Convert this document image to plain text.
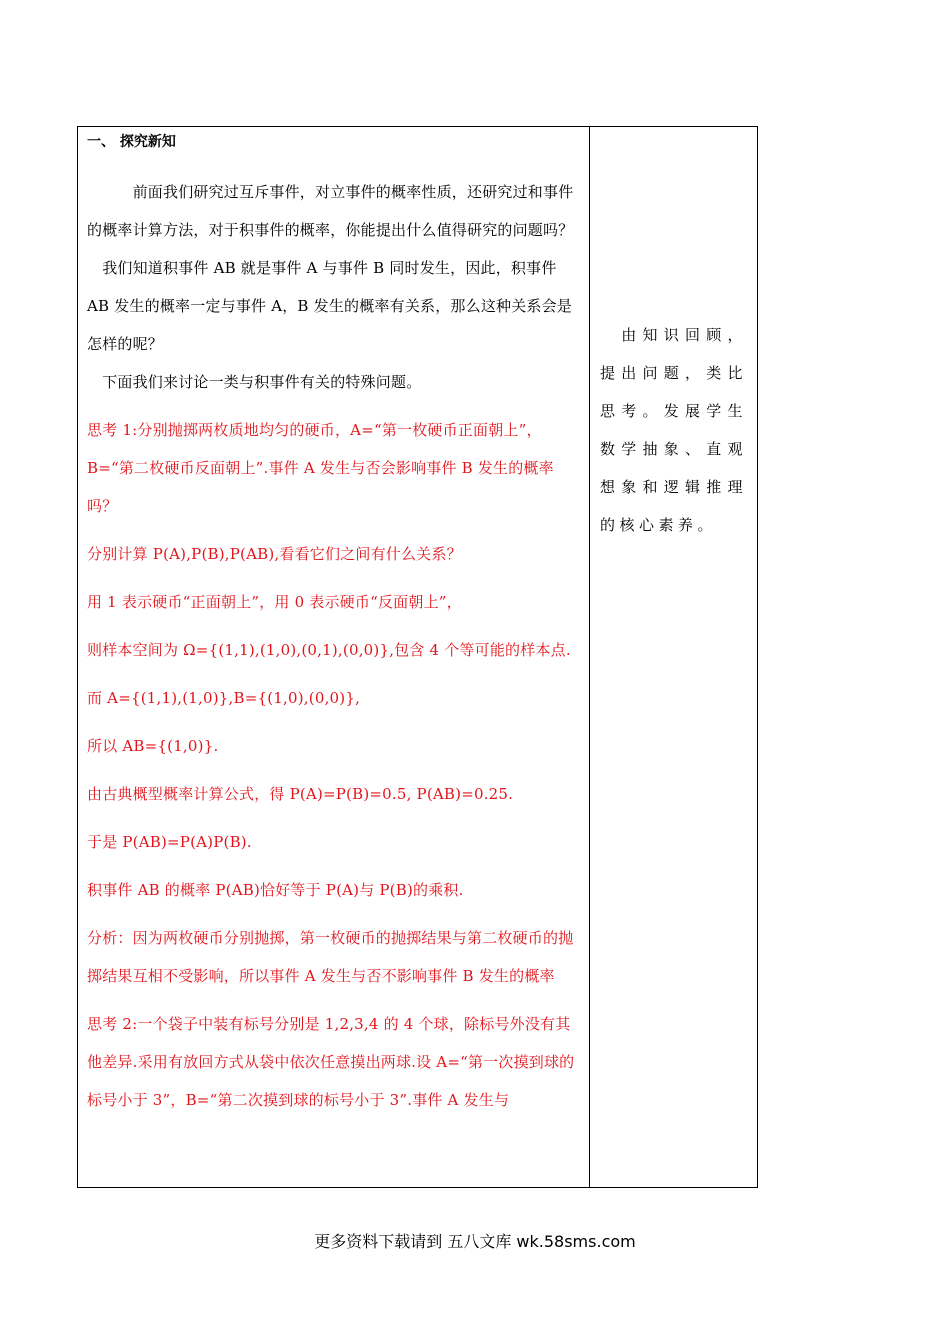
一、 探究新知

　　　前面我们研究过互斥事件，对立事件的概率性质，还研究过和事件的概率计算方法，对于积事件的概率，你能提出什么值得研究的问题吗？

　我们知道积事件 AB 就是事件 A 与事件 B 同时发生，因此，积事件 AB 发生的概率一定与事件 A，B 发生的概率有关系，那么这种关系会是怎样的呢？

　下面我们来讨论一类与积事件有关的特殊问题。

思考 1:分别抛掷两枚质地均匀的硬币，A=“第一枚硬币正面朝上”，B=“第二枚硬币反面朝上”.事件 A 发生与否会影响事件 B 发生的概率吗？

分别计算 P(A),P(B),P(AB),看看它们之间有什么关系？

用 1 表示硬币“正面朝上”，用 0 表示硬币“反面朝上”，

则样本空间为 Ω={(1,1),(1,0),(0,1),(0,0)},包含 4 个等可能的样本点.

而 A={(1,1),(1,0)},B={(1,0),(0,0)},

所以 AB={(1,0)}.

由古典概型概率计算公式，得 P(A)=P(B)=0.5, P(AB)=0.25.

于是 P(AB)=P(A)P(B).

积事件 AB 的概率 P(AB)恰好等于 P(A)与 P(B)的乘积.

分析：因为两枚硬币分别抛掷，第一枚硬币的抛掷结果与第二枚硬币的抛掷结果互相不受影响，所以事件 A 发生与否不影响事件 B 发生的概率

思考 2:一个袋子中装有标号分别是 1,2,3,4 的 4 个球，除标号外没有其他差异.采用有放回方式从袋中依次任意摸出两球.设 A=“第一次摸到球的标号小于 3”，B=“第二次摸到球的标号小于 3”.事件 A 发生与

　由知识回顾，提出问题，类比思考。发展学生数学抽象、直观想象和逻辑推理的核心素养。
更多资料下载请到 五八文库 wk.58sms.com
